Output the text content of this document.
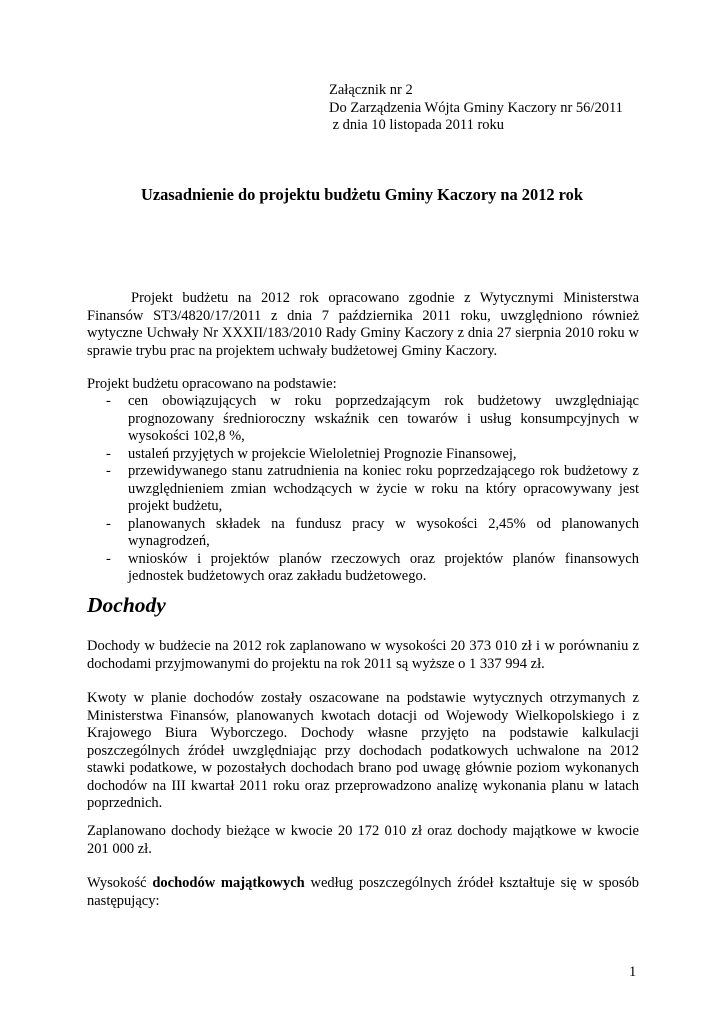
Załącznik nr 2
Do Zarządzenia Wójta Gminy Kaczory nr 56/2011
z dnia 10 listopada 2011 roku
Uzasadnienie do projektu budżetu Gminy Kaczory na 2012 rok
Projekt budżetu na 2012 rok opracowano zgodnie z Wytycznymi Ministerstwa Finansów ST3/4820/17/2011 z dnia 7 października 2011 roku, uwzględniono również wytyczne Uchwały Nr XXXII/183/2010 Rady Gminy Kaczory z dnia 27 sierpnia 2010 roku w sprawie trybu prac na projektem uchwały budżetowej Gminy Kaczory.
Projekt budżetu opracowano na podstawie:
- cen obowiązujących w roku poprzedzającym rok budżetowy uwzględniając prognozowany średnioroczny wskaźnik cen towarów i usług konsumpcyjnych w wysokości 102,8 %,
- ustaleń przyjętych w projekcie Wieloletniej Prognozie Finansowej,
- przewidywanego stanu zatrudnienia na koniec roku poprzedzającego rok budżetowy z uwzględnieniem zmian wchodzących w życie w roku na który opracowywany jest projekt budżetu,
- planowanych składek na fundusz pracy w wysokości 2,45% od planowanych wynagrodzeń,
- wniosków i projektów planów rzeczowych oraz projektów planów finansowych jednostek budżetowych oraz zakładu budżetowego.
Dochody
Dochody w budżecie na 2012 rok zaplanowano w wysokości 20 373 010 zł i w porównaniu z dochodami przyjmowanymi do projektu na rok 2011 są wyższe o 1 337 994 zł.
Kwoty w planie dochodów zostały oszacowane na podstawie wytycznych otrzymanych z Ministerstwa Finansów, planowanych kwotach dotacji od Wojewody Wielkopolskiego i z Krajowego Biura Wyborczego. Dochody własne przyjęto na podstawie kalkulacji poszczególnych źródeł uwzględniając przy dochodach podatkowych uchwalone na 2012 stawki podatkowe, w pozostałych dochodach brano pod uwagę głównie poziom wykonanych dochodów na III kwartał 2011 roku oraz przeprowadzono analizę wykonania planu w latach poprzednich.
Zaplanowano dochody bieżące w kwocie 20 172 010 zł oraz dochody majątkowe w kwocie 201 000 zł.
Wysokość dochodów majątkowych według poszczególnych źródeł kształtuje się w sposób następujący:
1
